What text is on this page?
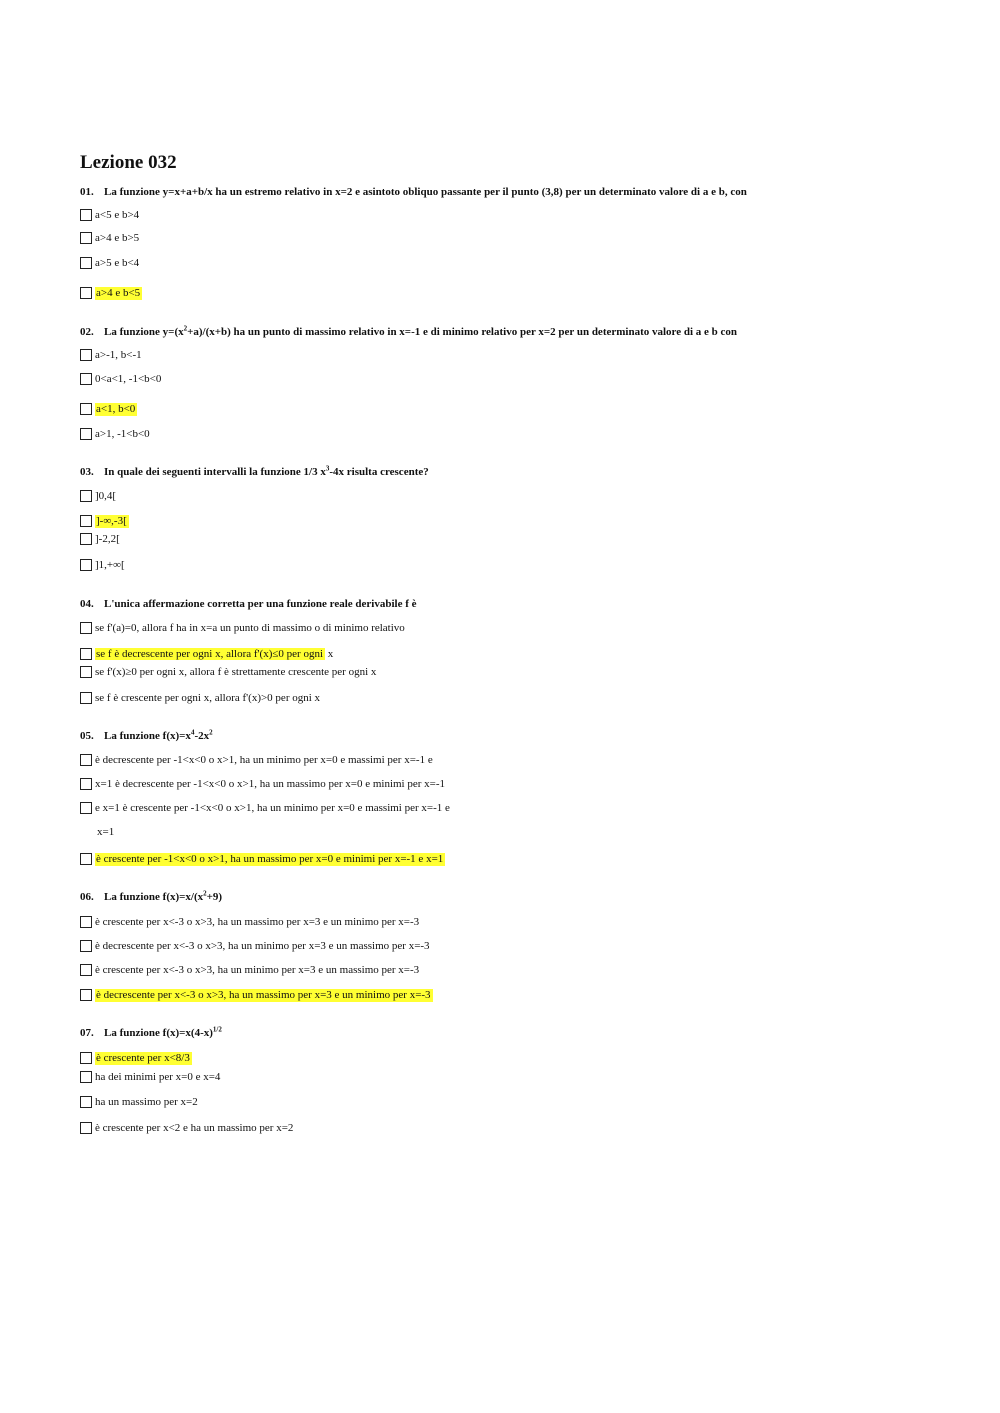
Lezione 032
01. La funzione y=x+a+b/x ha un estremo relativo in x=2 e asintoto obliquo passante per il punto (3,8) per un determinato valore di a e b, con
a<5 e b>4
a>4 e b>5
a>5 e b<4
a>4 e b<5
02. La funzione $y=(x^2+a)/(x+b)$ ha un punto di massimo relativo in x=-1 e di minimo relativo per x=2 per un determinato valore di a e b con
a>-1, b<-1
0<a<1, -1<b<0
a<1, b<0
a>1, -1<b<0
03. In quale dei seguenti intervalli la funzione 1/3 $x^3-4x$ risulta crescente?
]0,4[
]-∞,-3[
]-2,2[
]1,+∞[
04. L'unica affermazione corretta per una funzione reale derivabile f è
se f'(a)=0, allora f ha in x=a un punto di massimo o di minimo relativo
se f è decrescente per ogni x, allora f'(x)≤0 per ogni x
se f'(x)≥0 per ogni x, allora f è strettamente crescente per ogni x
se f è crescente per ogni x, allora f'(x)>0 per ogni x
05. La funzione $f(x)=x^4-2x^2$
è decrescente per -1<x<0 o x>1, ha un minimo per x=0 e massimi per x=-1 e
x=1 è decrescente per -1<x<0 o x>1, ha un massimo per x=0 e minimi per x=-1
e x=1 è crescente per -1<x<0 o x>1, ha un minimo per x=0 e massimi per x=-1 e
x=1
è crescente per -1<x<0 o x>1, ha un massimo per x=0 e minimi per x=-1 e x=1
06. La funzione $f(x)=x/(x^2+9)$
è crescente per x<-3 o x>3, ha un massimo per x=3 e un minimo per x=-3
è decrescente per x<-3 o x>3, ha un minimo per x=3 e un massimo per x=-3
è crescente per x<-3 o x>3, ha un minimo per x=3 e un massimo per x=-3
è decrescente per x<-3 o x>3, ha un massimo per x=3 e un minimo per x=-3
07. La funzione $f(x)=x(4-x)^{1/2}$
è crescente per x<8/3
ha dei minimi per x=0 e x=4
ha un massimo per x=2
è crescente per x<2 e ha un massimo per x=2
